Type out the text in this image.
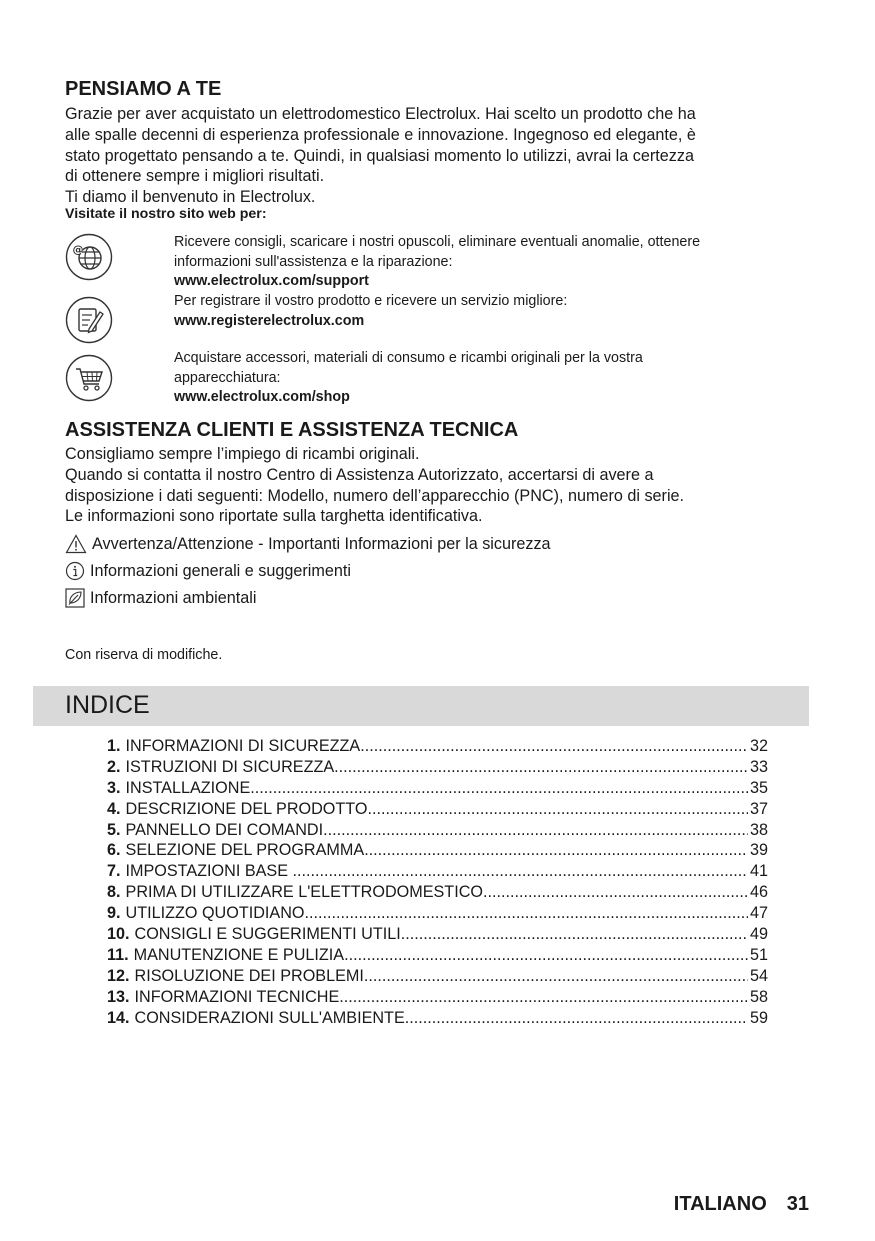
PENSIAMO A TE
Grazie per aver acquistato un elettrodomestico Electrolux. Hai scelto un prodotto che ha
alle spalle decenni di esperienza professionale e innovazione. Ingegnoso ed elegante, è
stato progettato pensando a te. Quindi, in qualsiasi momento lo utilizzi, avrai la certezza
di ottenere sempre i migliori risultati.
Ti diamo il benvenuto in Electrolux.
Visitate il nostro sito web per:
@	Ricevere consigli, scaricare i nostri opuscoli, eliminare eventuali anomalie, ottenere
informazioni sull'assistenza e la riparazione:
www.electrolux.com/support
Per registrare il vostro prodotto e ricevere un servizio migliore:
www.registerelectrolux.com
Acquistare accessori, materiali di consumo e ricambi originali per la vostra
apparecchiatura:
www.electrolux.com/shop
ASSISTENZA CLIENTI E ASSISTENZA TECNICA
Consigliamo sempre l’impiego di ricambi originali.
Quando si contatta il nostro Centro di Assistenza Autorizzato, accertarsi di avere a
disposizione i dati seguenti: Modello, numero dell’apparecchio (PNC), numero di serie.
Le informazioni sono riportate sulla targhetta identificativa.
Avvertenza/Attenzione - Importanti Informazioni per la sicurezza
Informazioni generali e suggerimenti
Informazioni ambientali
Con riserva di modifiche.
INDICE
1. INFORMAZIONI DI SICUREZZA .....	32
2. ISTRUZIONI DI SICUREZZA .....	33
3. INSTALLAZIONE .....	35
4. DESCRIZIONE DEL PRODOTTO .....	37
5. PANNELLO DEI COMANDI .....	38
6. SELEZIONE DEL PROGRAMMA .....	39
7. IMPOSTAZIONI BASE .....	41
8. PRIMA DI UTILIZZARE L'ELETTRODOMESTICO .....	46
9. UTILIZZO QUOTIDIANO .....	47
10. CONSIGLI E SUGGERIMENTI UTILI .....	49
11. MANUTENZIONE E PULIZIA .....	51
12. RISOLUZIONE DEI PROBLEMI .....	54
13. INFORMAZIONI TECNICHE .....	58
14. CONSIDERAZIONI SULL'AMBIENTE .....	59
ITALIANO 31
